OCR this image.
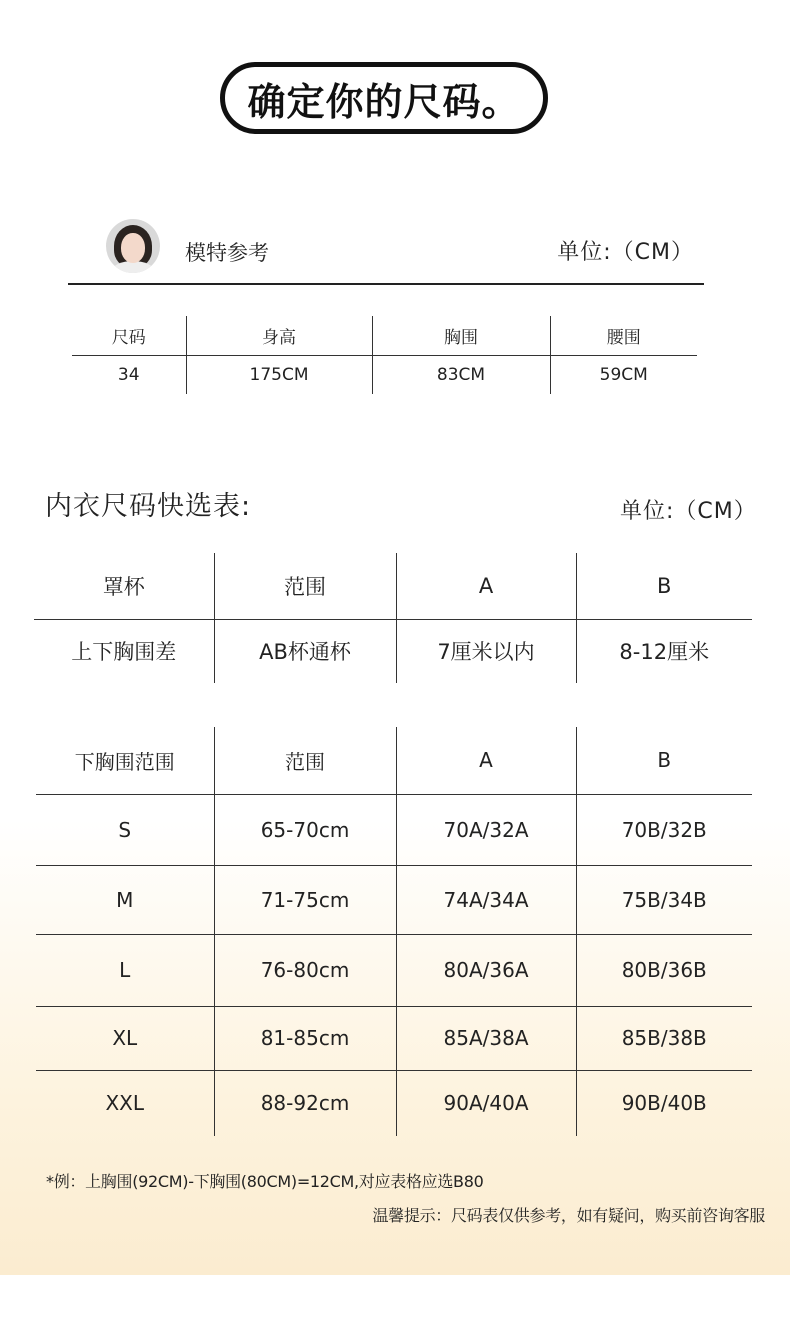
确定你的尺码。
模特参考	单位:（CM）
尺码	身高	胸围	腰围
34	175CM	83CM	59CM
内衣尺码快选表:	单位:（CM）
罩杯	范围	A	B
上下胸围差	AB杯通杯	7厘米以内	8-12厘米
下胸围范围	范围	A	B
S	65-70cm	70A/32A	70B/32B
M	71-75cm	74A/34A	75B/34B
L	76-80cm	80A/36A	80B/36B
XL	81-85cm	85A/38A	85B/38B
XXL	88-92cm	90A/40A	90B/40B
*例：上胸围(92CM)-下胸围(80CM)=12CM,对应表格应选B80
温馨提示：尺码表仅供参考，如有疑问，购买前咨询客服
